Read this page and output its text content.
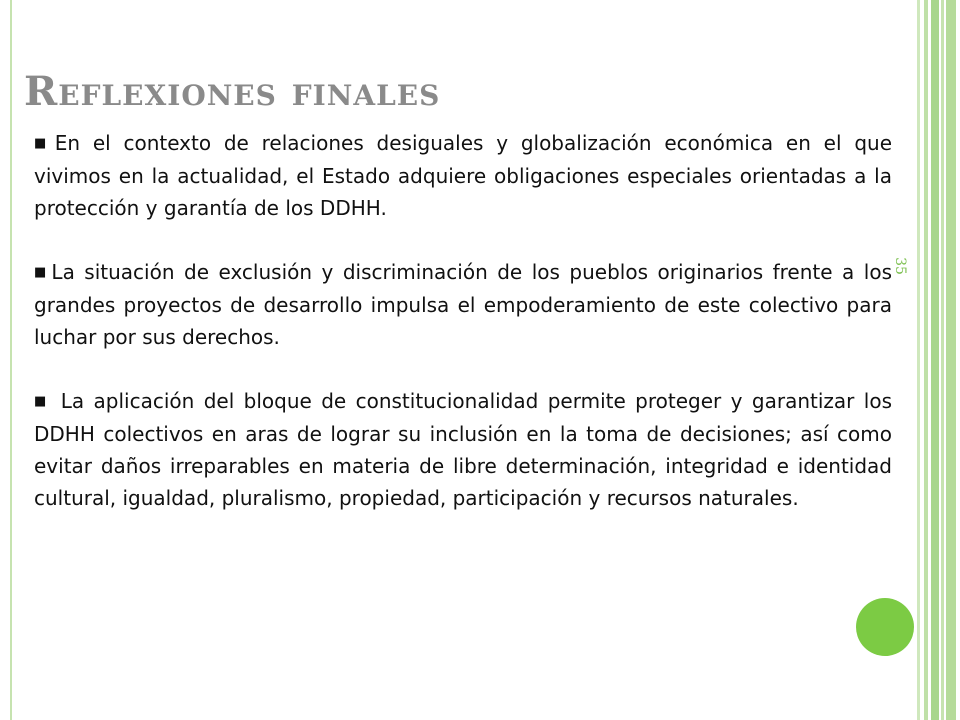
Reflexiones finales
35

■ En el contexto de relaciones desiguales y globalización económica en el que vivimos en la actualidad, el Estado adquiere obligaciones especiales orientadas a la protección y garantía de los DDHH.

■ La situación de exclusión y discriminación de los pueblos originarios frente a los grandes proyectos de desarrollo impulsa el empoderamiento de este colectivo para luchar por sus derechos.

■ La aplicación del bloque de constitucionalidad permite proteger y garantizar los DDHH colectivos en aras de lograr su inclusión en la toma de decisiones; así como evitar daños irreparables en materia de libre determinación, integridad e identidad cultural, igualdad, pluralismo, propiedad, participación y recursos naturales.
